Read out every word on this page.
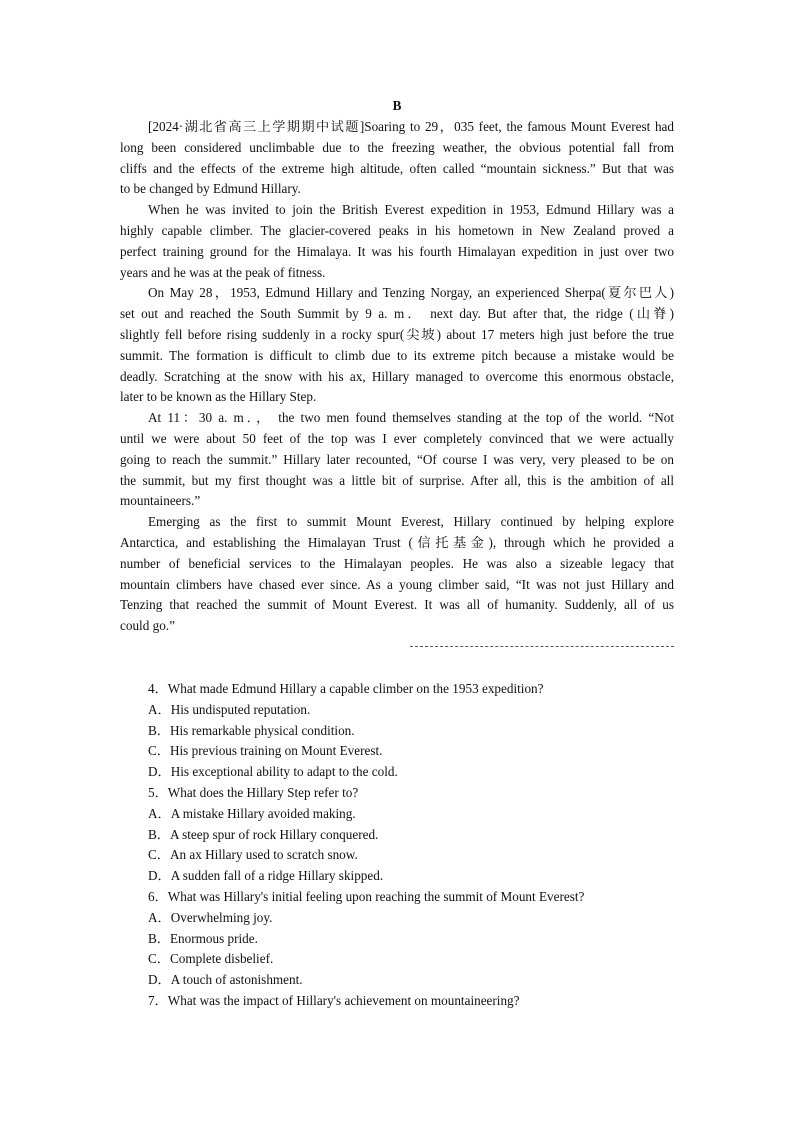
B
[2024·湖北省高三上学期期中试题]Soaring to 29，035 feet, the famous Mount Everest had
long been considered unclimbable due to the freezing weather, the obvious potential fall from
cliffs and the effects of the extreme high altitude, often called “mountain sickness.” But that was
to be changed by Edmund Hillary.
When he was invited to join the British Everest expedition in 1953, Edmund Hillary was a
highly capable climber. The glacier-covered peaks in his hometown in New Zealand proved a
perfect training ground for the Himalaya. It was his fourth Himalayan expedition in just over two
years and he was at the peak of fitness.
On May 28，1953, Edmund Hillary and Tenzing Norgay, an experienced Sherpa(夏尔巴人)
set out and reached the South Summit by 9 a. m． next day. But after that, the ridge (山脊)
slightly fell before rising suddenly in a rocky spur(尖坡) about 17 meters high just before the true
summit. The formation is difficult to climb due to its extreme pitch because a mistake would be
deadly. Scratching at the snow with his ax, Hillary managed to overcome this enormous obstacle,
later to be known as the Hillary Step.
At 11：30 a. m．， the two men found themselves standing at the top of the world. “Not
until we were about 50 feet of the top was I ever completely convinced that we were actually
going to reach the summit.” Hillary later recounted, “Of course I was very, very pleased to be on
the summit, but my first thought was a little bit of surprise. After all, this is the ambition of all
mountaineers.”
Emerging as the first to summit Mount Everest, Hillary continued by helping explore
Antarctica, and establishing the Himalayan Trust (信托基金), through which he provided a
number of beneficial services to the Himalayan peoples. He was also a sizeable legacy that
mountain climbers have chased ever since. As a young climber said, “It was not just Hillary and
Tenzing that reached the summit of Mount Everest. It was all of humanity. Suddenly, all of us
could go.”
4．What made Edmund Hillary a capable climber on the 1953 expedition?
A．His undisputed reputation.
B．His remarkable physical condition.
C．His previous training on Mount Everest.
D．His exceptional ability to adapt to the cold.
5．What does the Hillary Step refer to?
A．A mistake Hillary avoided making.
B．A steep spur of rock Hillary conquered.
C．An ax Hillary used to scratch snow.
D．A sudden fall of a ridge Hillary skipped.
6．What was Hillary's initial feeling upon reaching the summit of Mount Everest?
A．Overwhelming joy.
B．Enormous pride.
C．Complete disbelief.
D．A touch of astonishment.
7．What was the impact of Hillary's achievement on mountaineering?
